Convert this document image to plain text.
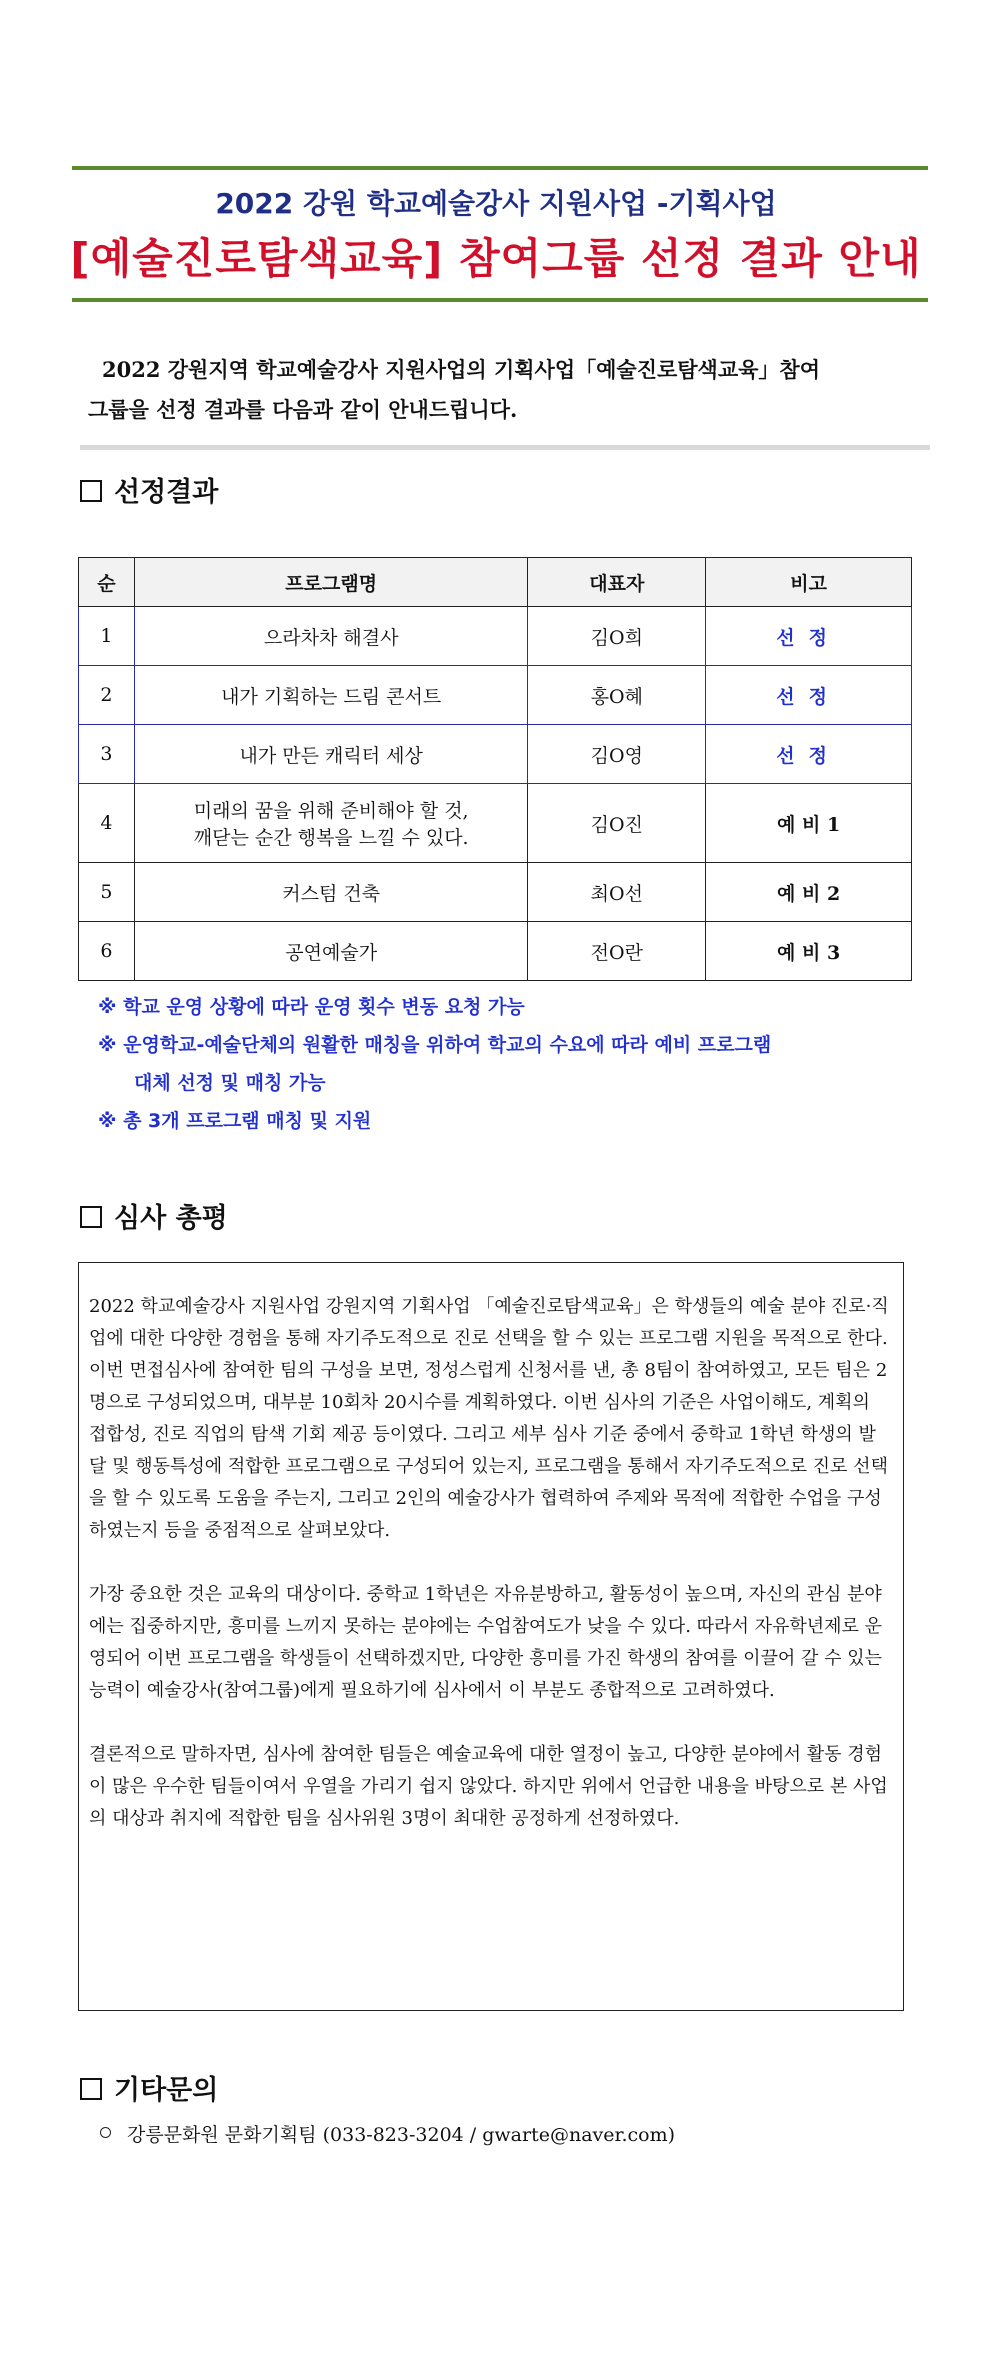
2022 강원 학교예술강사 지원사업 -기획사업
[예술진로탐색교육] 참여그룹 선정 결과 안내

2022 강원지역 학교예술강사 지원사업의 기획사업「예술진로탐색교육」참여

그룹을 선정 결과를 다음과 같이 안내드립니다.

선정결과
순	프로그램명	대표자	비고
1	으라차차 해결사	김O희	선정
2	내가 기획하는 드림 콘서트	홍O혜	선정
3	내가 만든 캐릭터 세상	김O영	선정
4	미래의 꿈을 위해 준비해야 할 것,
깨닫는 순간 행복을 느낄 수 있다.	김O진	예 비 1
5	커스텀 건축	최O선	예 비 2
6	공연예술가	전O란	예 비 3

※ 학교 운영 상황에 따라 운영 횟수 변동 요청 가능

※ 운영학교-예술단체의 원활한 매칭을 위하여 학교의 수요에 따라 예비 프로그램

대체 선정 및 매칭 가능

※ 총 3개 프로그램 매칭 및 지원

심사 총평

2022 학교예술강사 지원사업 강원지역 기획사업 「예술진로탐색교육」은 학생들의 예술 분야 진로·직업에 대한 다양한 경험을 통해 자기주도적으로 진로 선택을 할 수 있는 프로그램 지원을 목적으로 한다. 이번 면접심사에 참여한 팀의 구성을 보면, 정성스럽게 신청서를 낸, 총 8팀이 참여하였고, 모든 팀은 2명으로 구성되었으며, 대부분 10회차 20시수를 계획하였다. 이번 심사의 기준은 사업이해도, 계획의 접합성, 진로 직업의 탐색 기회 제공 등이였다. 그리고 세부 심사 기준 중에서 중학교 1학년 학생의 발달 및 행동특성에 적합한 프로그램으로 구성되어 있는지, 프로그램을 통해서 자기주도적으로 진로 선택을 할 수 있도록 도움을 주는지, 그리고 2인의 예술강사가 협력하여 주제와 목적에 적합한 수업을 구성하였는지 등을 중점적으로 살펴보았다.

가장 중요한 것은 교육의 대상이다. 중학교 1학년은 자유분방하고, 활동성이 높으며, 자신의 관심 분야에는 집중하지만, 흥미를 느끼지 못하는 분야에는 수업참여도가 낮을 수 있다. 따라서 자유학년제로 운영되어 이번 프로그램을 학생들이 선택하겠지만, 다양한 흥미를 가진 학생의 참여를 이끌어 갈 수 있는 능력이 예술강사(참여그룹)에게 필요하기에 심사에서 이 부분도 종합적으로 고려하였다.

결론적으로 말하자면, 심사에 참여한 팀들은 예술교육에 대한 열정이 높고, 다양한 분야에서 활동 경험이 많은 우수한 팀들이여서 우열을 가리기 쉽지 않았다. 하지만 위에서 언급한 내용을 바탕으로 본 사업의 대상과 취지에 적합한 팀을 심사위원 3명이 최대한 공정하게 선정하였다.

기타문의
강릉문화원 문화기획팀 (033-823-3204 / gwarte@naver.com)
